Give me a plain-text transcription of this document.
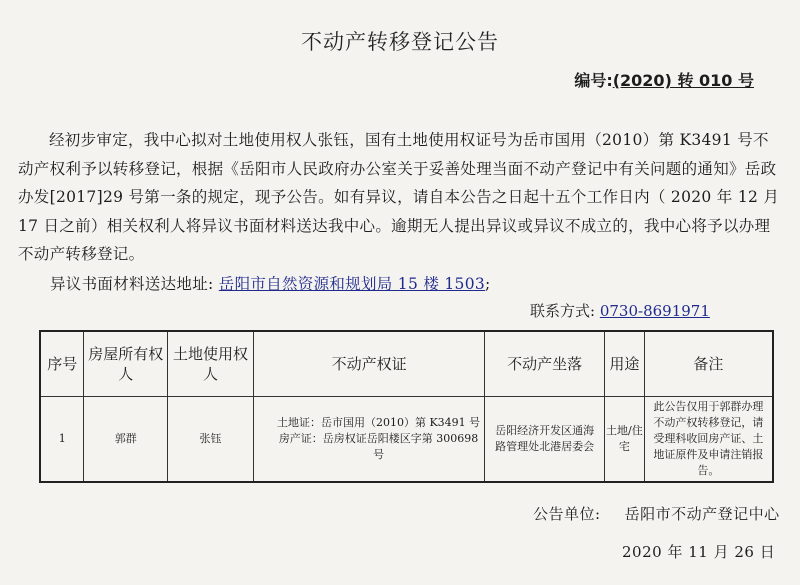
不动产转移登记公告
编号:(2020) 转 010 号

经初步审定，我中心拟对土地使用权人张钰，国有土地使用权证号为岳市国用（2010）第 K3491 号不动产权利予以转移登记，根据《岳阳市人民政府办公室关于妥善处理当面不动产登记中有关问题的通知》岳政办发[2017]29 号第一条的规定，现予公告。如有异议，请自本公告之日起十五个工作日内（ 2020 年 12 月 17 日之前）相关权利人将异议书面材料送达我中心。逾期无人提出异议或异议不成立的，我中心将予以办理不动产转移登记。

异议书面材料送达地址: 岳阳市自然资源和规划局 15 楼 1503;
联系方式: 0730-8691971
序号	房屋所有权人	土地使用权人	不动产权证	不动产坐落	用途	备注
1	郭群	张钰	土地证：岳市国用（2010）第 K3491 号
房产证：岳房权证岳阳楼区字第 300698 号	岳阳经济开发区通海路管理处北港居委会	土地/住宅	此公告仅用于郭群办理不动产权转移登记，请受理科收回房产证、土地证原件及申请注销报告。
公告单位: 岳阳市不动产登记中心
2020 年 11 月 26 日
